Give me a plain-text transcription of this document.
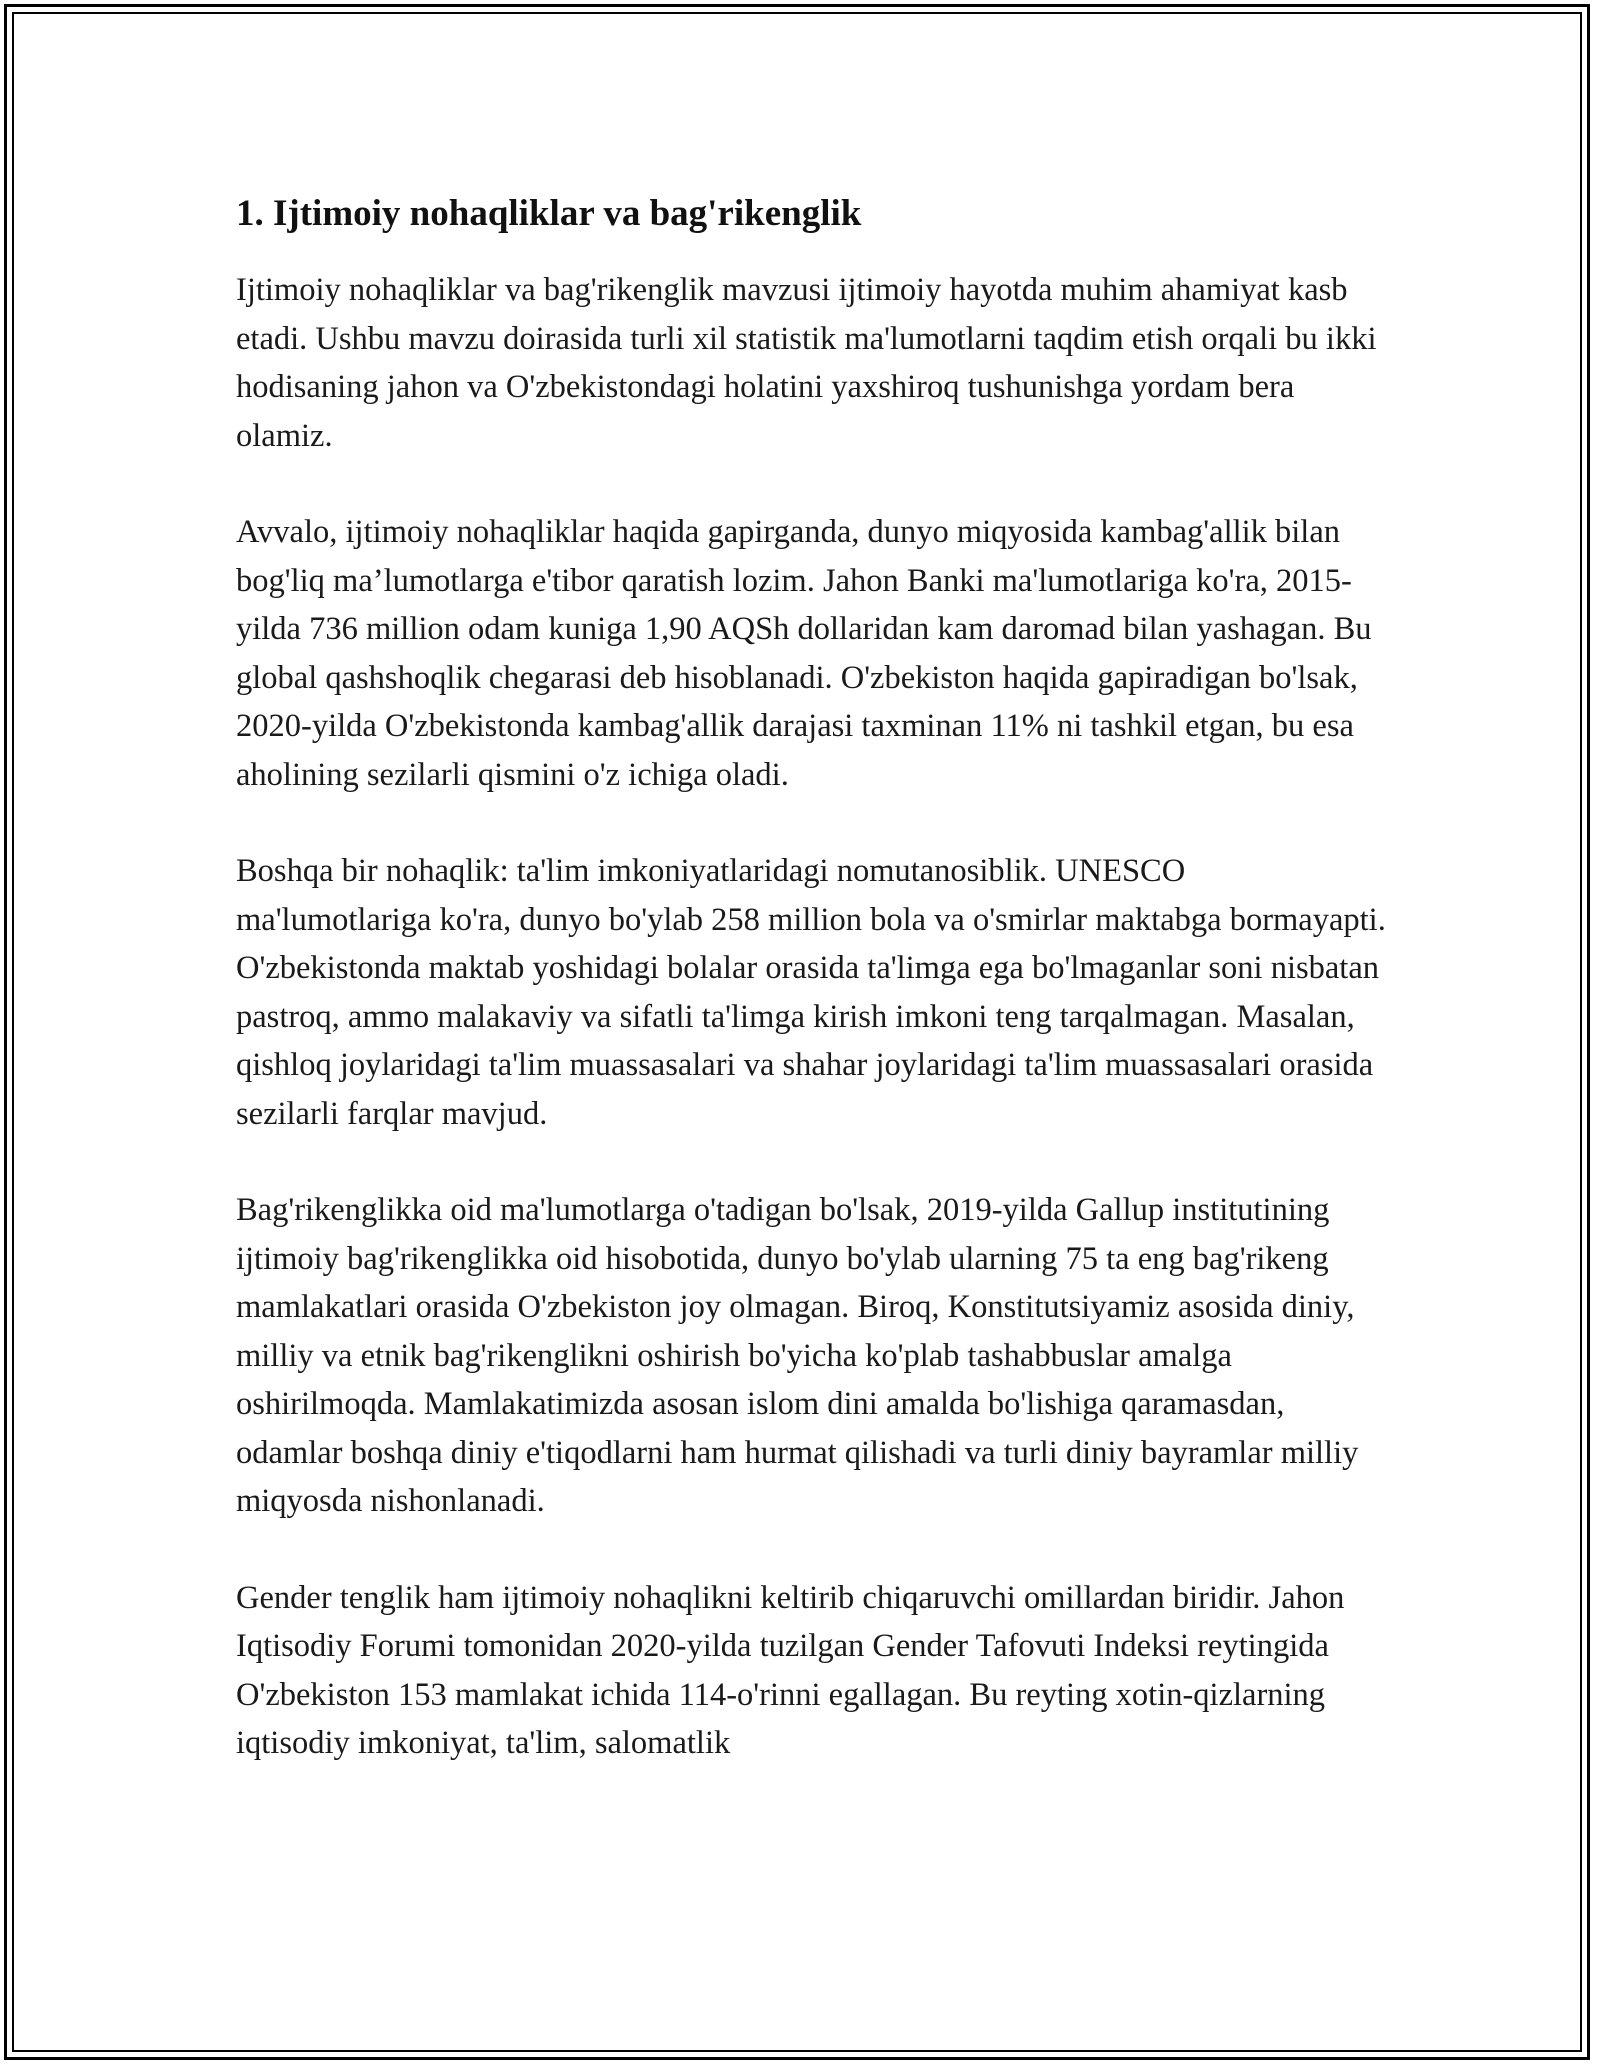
1. Ijtimoiy nohaqliklar va bag'rikenglik

Ijtimoiy nohaqliklar va bag'rikenglik mavzusi ijtimoiy hayotda muhim ahamiyat kasb etadi. Ushbu mavzu doirasida turli xil statistik ma'lumotlarni taqdim etish orqali bu ikki hodisaning jahon va O'zbekistondagi holatini yaxshiroq tushunishga yordam bera olamiz.

Avvalo, ijtimoiy nohaqliklar haqida gapirganda, dunyo miqyosida kambag'allik bilan bog'liq ma’lumotlarga e'tibor qaratish lozim. Jahon Banki ma'lumotlariga ko'ra, 2015-yilda 736 million odam kuniga 1,90 AQSh dollaridan kam daromad bilan yashagan. Bu global qashshoqlik chegarasi deb hisoblanadi. O'zbekiston haqida gapiradigan bo'lsak, 2020-yilda O'zbekistonda kambag'allik darajasi taxminan 11% ni tashkil etgan, bu esa aholining sezilarli qismini o'z ichiga oladi.

Boshqa bir nohaqlik: ta'lim imkoniyatlaridagi nomutanosiblik. UNESCO ma'lumotlariga ko'ra, dunyo bo'ylab 258 million bola va o'smirlar maktabga bormayapti. O'zbekistonda maktab yoshidagi bolalar orasida ta'limga ega bo'lmaganlar soni nisbatan pastroq, ammo malakaviy va sifatli ta'limga kirish imkoni teng tarqalmagan. Masalan, qishloq joylaridagi ta'lim muassasalari va shahar joylaridagi ta'lim muassasalari orasida sezilarli farqlar mavjud.

Bag'rikenglikka oid ma'lumotlarga o'tadigan bo'lsak, 2019-yilda Gallup institutining ijtimoiy bag'rikenglikka oid hisobotida, dunyo bo'ylab ularning 75 ta eng bag'rikeng mamlakatlari orasida O'zbekiston joy olmagan. Biroq, Konstitutsiyamiz asosida diniy, milliy va etnik bag'rikenglikni oshirish bo'yicha ko'plab tashabbuslar amalga oshirilmoqda. Mamlakatimizda asosan islom dini amalda bo'lishiga qaramasdan, odamlar boshqa diniy e'tiqodlarni ham hurmat qilishadi va turli diniy bayramlar milliy miqyosda nishonlanadi.

Gender tenglik ham ijtimoiy nohaqlikni keltirib chiqaruvchi omillardan biridir. Jahon Iqtisodiy Forumi tomonidan 2020-yilda tuzilgan Gender Tafovuti Indeksi reytingida O'zbekiston 153 mamlakat ichida 114-o'rinni egallagan. Bu reyting xotin-qizlarning iqtisodiy imkoniyat, ta'lim, salomatlik
